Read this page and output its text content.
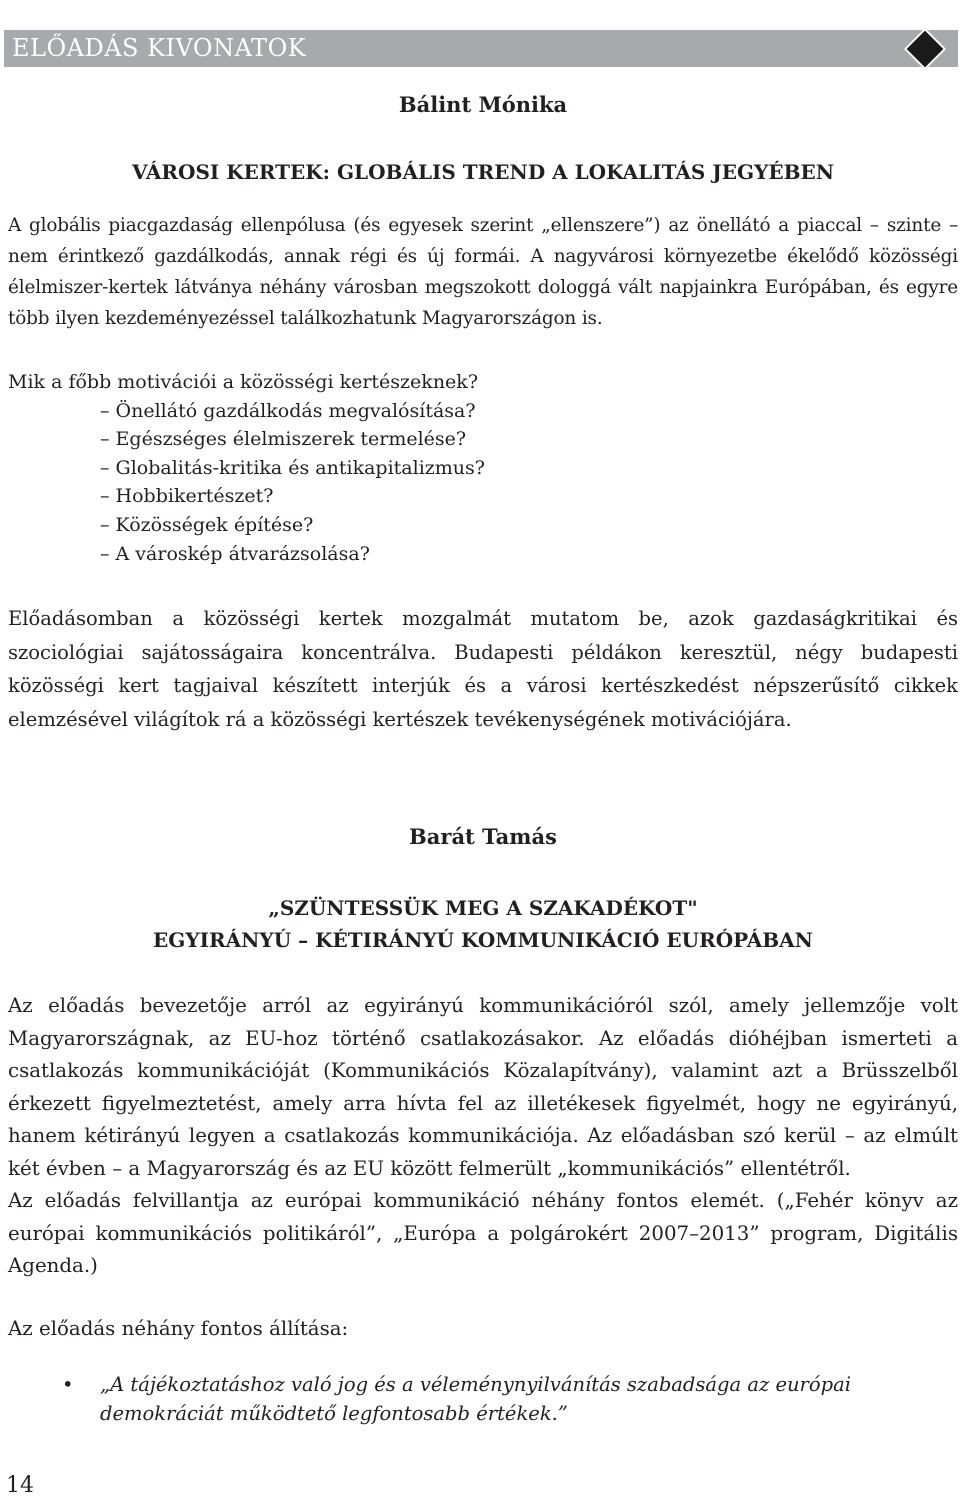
ELŐADÁS KIVONATOK

Bálint Mónika

VÁROSI KERTEK: GLOBÁLIS TREND A LOKALITÁS JEGYÉBEN

A globális piacgazdaság ellenpólusa (és egyesek szerint „ellenszere”) az önellátó a piaccal – szinte – nem érintkező gazdálkodás, annak régi és új formái. A nagyvárosi környezetbe ékelődő közösségi élelmiszer-kertek látványa néhány városban megszokott dologgá vált napjainkra Európában, és egyre több ilyen kezdeményezéssel találkozhatunk Magyarországon is.

Mik a főbb motivációi a közösségi kertészeknek?

– Önellátó gazdálkodás megvalósítása?
– Egészséges élelmiszerek termelése?
– Globalitás-kritika és antikapitalizmus?
– Hobbikertészet?
– Közösségek építése?
– A városkép átvarázsolása?

Előadásomban a közösségi kertek mozgalmát mutatom be, azok gazdaságkritikai és szociológiai sajátosságaira koncentrálva. Budapesti példákon keresztül, négy budapesti közösségi kert tagjaival készített interjúk és a városi kertészkedést népszerűsítő cikkek elemzésével világítok rá a közösségi kertészek tevékenységének motivációjára.

Barát Tamás

„SZÜNTESSÜK MEG A SZAKADÉKOT"
EGYIRÁNYÚ – KÉTIRÁNYÚ KOMMUNIKÁCIÓ EURÓPÁBAN

Az előadás bevezetője arról az egyirányú kommunikációról szól, amely jellemzője volt Magyarországnak, az EU-hoz történő csatlakozásakor. Az előadás dióhéjban ismerteti a csatlakozás kommunikációját (Kommunikációs Közalapítvány), valamint azt a Brüsszelből érkezett figyelmeztetést, amely arra hívta fel az illetékesek figyelmét, hogy ne egyirányú, hanem kétirányú legyen a csatlakozás kommunikációja. Az előadásban szó kerül – az elmúlt két évben – a Magyarország és az EU között felmerült „kommunikációs” ellentétről.

Az előadás felvillantja az európai kommunikáció néhány fontos elemét. („Fehér könyv az európai kommunikációs politikáról”, „Európa a polgárokért 2007–2013” program, Digitális Agenda.)

Az előadás néhány fontos állítása:

• „A tájékoztatáshoz való jog és a véleménynyilvánítás szabadsága az európai demokráciát működtető legfontosabb értékek.”
14
